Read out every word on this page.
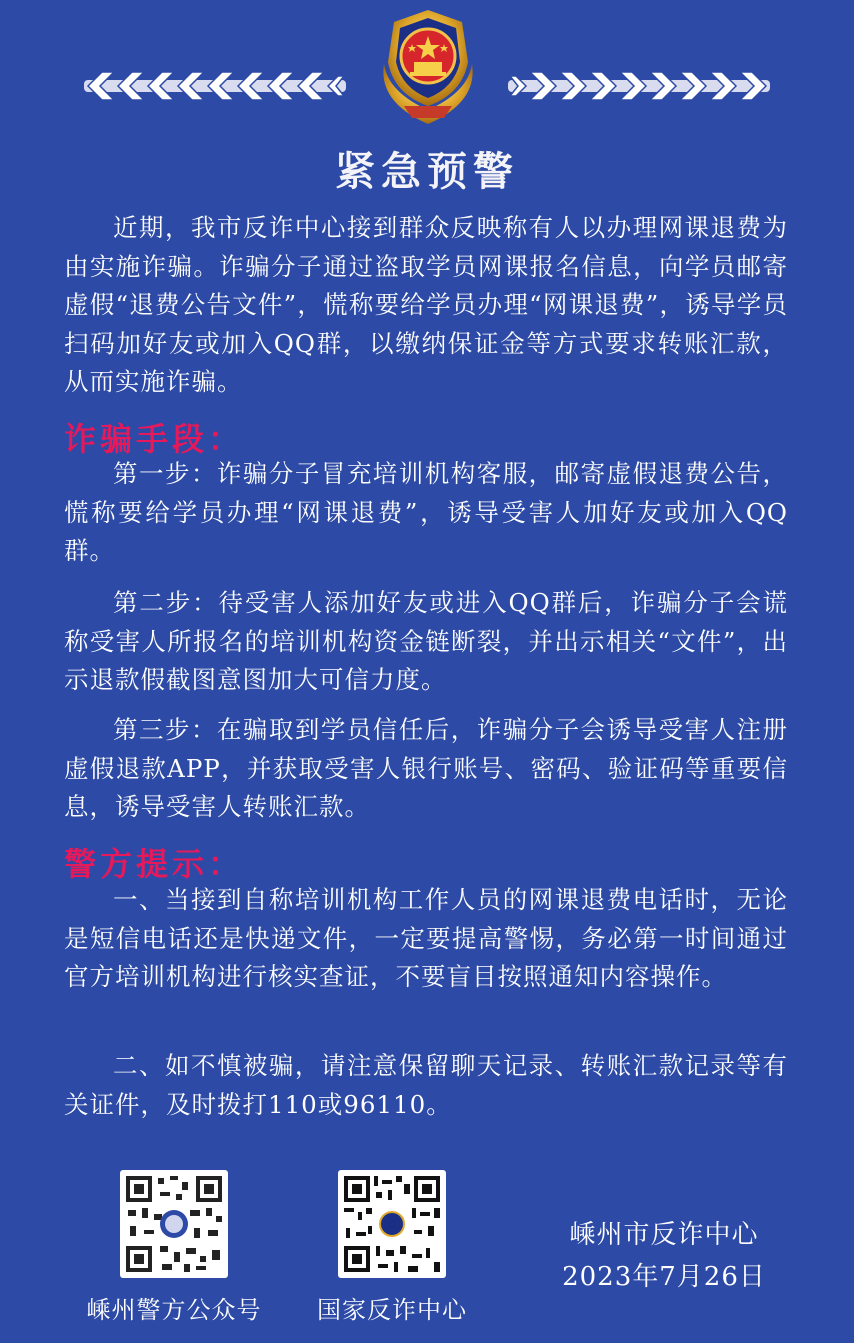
紧急预警
近期，我市反诈中心接到群众反映称有人以办理网课退费为由实施诈骗。诈骗分子通过盗取学员网课报名信息，向学员邮寄虚假“退费公告文件”，慌称要给学员办理“网课退费”，诱导学员扫码加好友或加入QQ群，以缴纳保证金等方式要求转账汇款，从而实施诈骗。
诈骗手段：
第一步：诈骗分子冒充培训机构客服，邮寄虚假退费公告，慌称要给学员办理“网课退费”，诱导受害人加好友或加入QQ群。
第二步：待受害人添加好友或进入QQ群后，诈骗分子会谎称受害人所报名的培训机构资金链断裂，并出示相关“文件”，出示退款假截图意图加大可信力度。
第三步：在骗取到学员信任后，诈骗分子会诱导受害人注册虚假退款APP，并获取受害人银行账号、密码、验证码等重要信息，诱导受害人转账汇款。
警方提示：
一、当接到自称培训机构工作人员的网课退费电话时，无论是短信电话还是快递文件，一定要提高警惕，务必第一时间通过官方培训机构进行核实查证，不要盲目按照通知内容操作。
二、如不慎被骗，请注意保留聊天记录、转账汇款记录等有关证件，及时拨打110或96110。
嵊州警方公众号	国家反诈中心
嵊州市反诈中心
2023年7月26日
